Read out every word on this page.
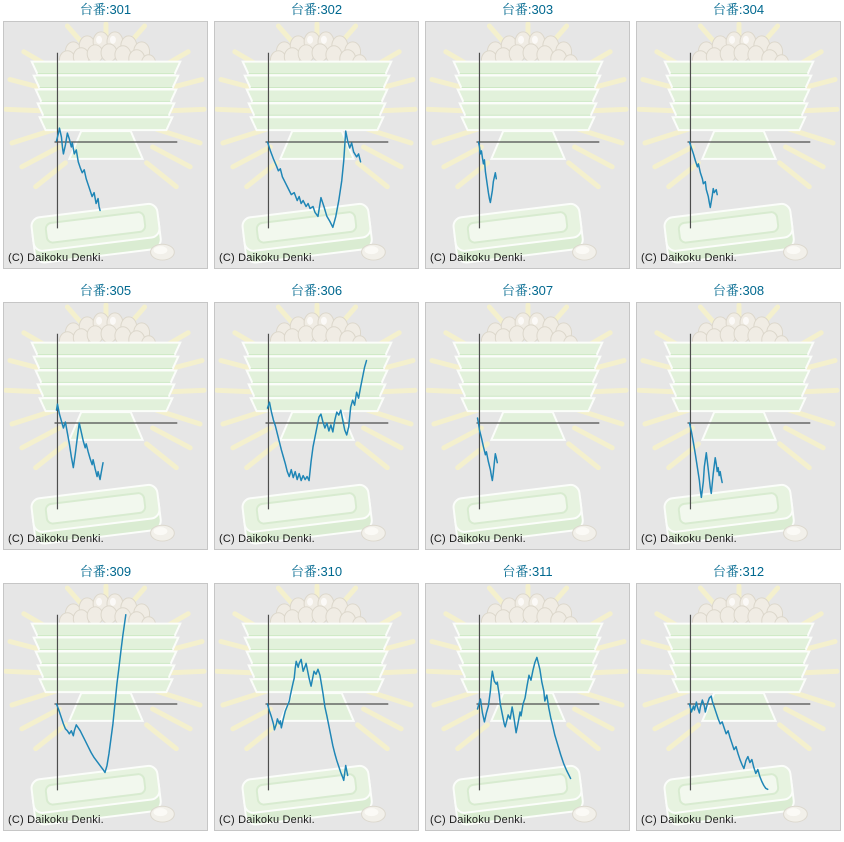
台番:301
(C) Daikoku Denki.
台番:302
(C) Daikoku Denki.
台番:303
(C) Daikoku Denki.
台番:304
(C) Daikoku Denki.
台番:305
(C) Daikoku Denki.
台番:306
(C) Daikoku Denki.
台番:307
(C) Daikoku Denki.
台番:308
(C) Daikoku Denki.
台番:309
(C) Daikoku Denki.
台番:310
(C) Daikoku Denki.
台番:311
(C) Daikoku Denki.
台番:312
(C) Daikoku Denki.
